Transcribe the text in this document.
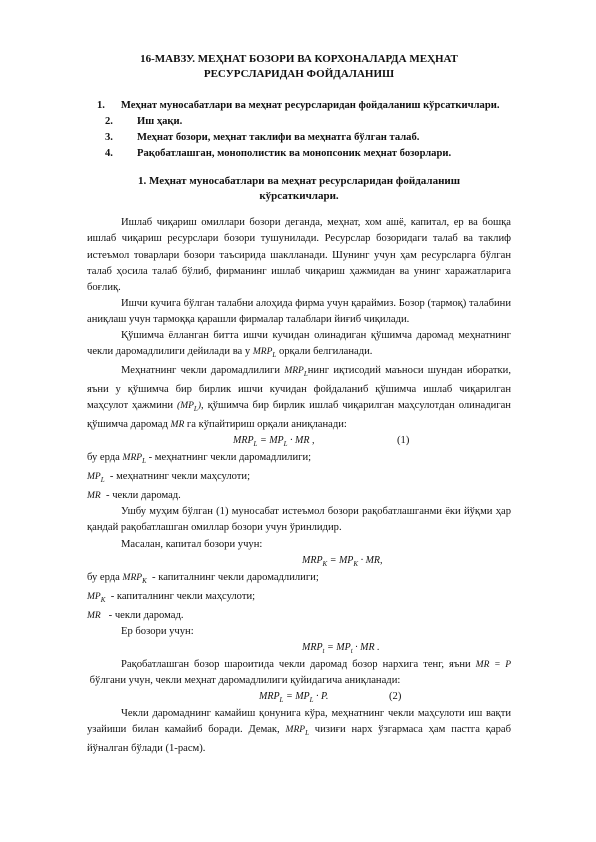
16-МАВЗУ. МЕҲНАТ БОЗОРИ ВА КОРХОНАЛАРДА МЕҲНАТ

РЕСУРСЛАРИДАН ФОЙДАЛАНИШ

1. Меҳнат муносабатлари ва меҳнат ресурсларидан фойдаланиш кўрсаткичлари.

2.	Иш ҳақи.
3.	Меҳнат бозори, меҳнат таклифи ва меҳнатга бўлган талаб.
4.	Рақобатлашган, монополистик ва монопсоник меҳнат бозорлари.

1. Меҳнат муносабатлари ва меҳнат ресурсларидан фойдаланиш

кўрсаткичлари.

Ишлаб чиқариш омиллари бозори деганда, меҳнат, хом ашё, капитал, ер ва бошқа ишлаб чиқариш ресурслари бозори тушунилади. Ресурслар бозоридаги талаб ва таклиф истеъмол товарлари бозори таъсирида шаклланади. Шунинг учун ҳам ресурсларга бўлган талаб ҳосила талаб бўлиб, фирманинг ишлаб чиқариш ҳажмидан ва унинг харажатларига боғлиқ.

Ишчи кучига бўлган талабни алоҳида фирма учун қараймиз. Бозор (тармоқ) талабини аниқлаш учун тармоққа қарашли фирмалар талаблари йиғиб чиқилади.

Қўшимча ёлланган битта ишчи кучидан олинадиган қўшимча даромад меҳнатнинг чекли даромадлилиги дейилади ва у $MRP_L$ орқали белгиланади.

Меҳнатнинг чекли даромадлилиги $MRP_Lнинг$ иқтисодий маъноси шундан иборатки, яъни у қўшимча бир бирлик ишчи кучидан фойдаланиб қўшимча ишлаб чиқарилган маҳсулот ҳажмини $(MP_L)$, қўшимча бир бирлик ишлаб чиқарилган маҳсулотдан олинадиган қўшимча даромад MR га кўпайтириш орқали аниқланади:

$MRP_L = MP_L$ · MR ,	(1)

бу ерда $MRP_L$ - меҳнатнинг чекли даромадлилиги;

$MP_L$  - меҳнатнинг чекли маҳсулоти;

MR  - чекли даромад.

Ушбу муҳим бўлган (1) муносабат истеъмол бозори рақобатлашганми ёки йўқми ҳар қандай рақобатлашган омиллар бозори учун ўринлидир.

Масалан, капитал бозори учун:

$MRP_K = MP_K$ · MR,

бу ерда $MRP_K$  - капиталнинг чекли даромадлилиги;

$MP_K$  - капиталнинг чекли маҳсулоти;

MR   - чекли даромад.

Ер бозори учун:

$MRP_t = MP_t$ · MR .

Рақобатлашган бозор шароитида чекли даромад бозор нархига тенг, яъни MR = P  бўлгани учун, чекли меҳнат даромадлилиги қуйидагича аниқланади:

$MRP_L = MP_L \cdot P$.	(2)

Чекли даромаднинг камайиш қонунига кўра, меҳнатнинг чекли маҳсулоти иш вақти узайиши билан камайиб боради. Демак, $MRP_L$ чизиғи нарх ўзгармаса ҳам пастга қараб йўналган бўлади (1-расм).
